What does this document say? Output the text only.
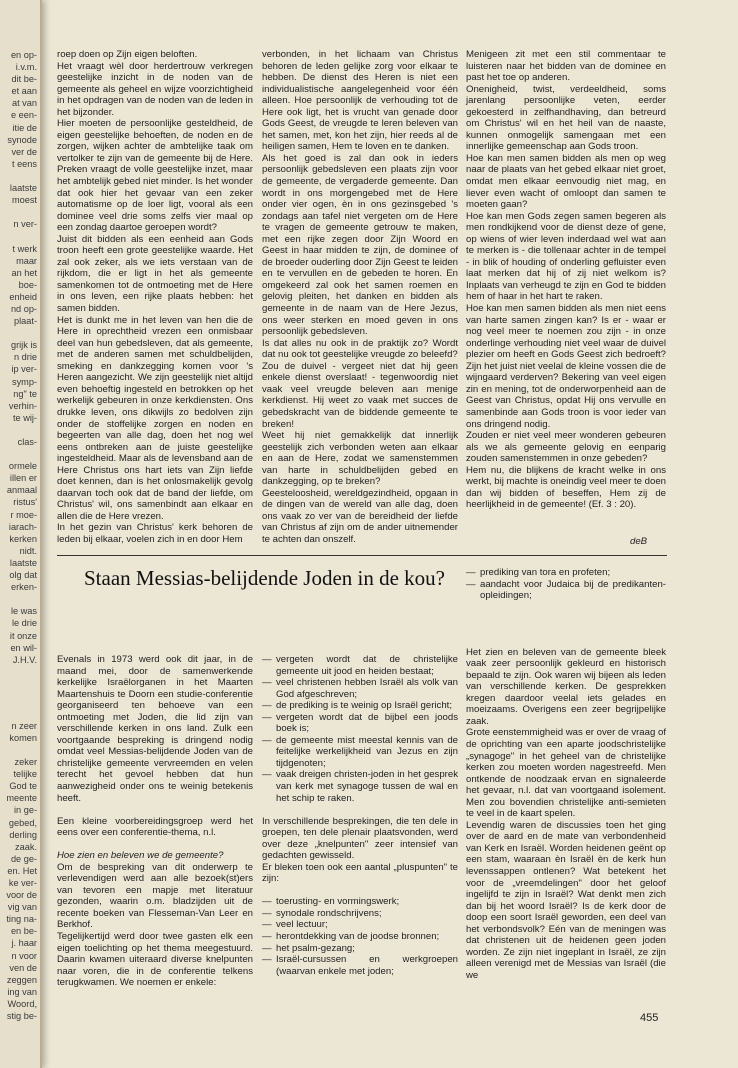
en op-
i.v.m.
dit be-
et aan
at van
e een-
itie de
synode
ver de
t eens

laatste
moest

n ver-

t werk
maar
an het
boe-
enheid
nd op-
plaat-

grijk is
n drie
ip ver-
symp-
ng" te
verhin-
te wij-

clas-

ormele
illen er
anmaal
ristus'
r moe-
iarach-
kerken
nidt.
laatste
olg dat
erken-

le was
le drie
it onze
en wil-
J.H.V.

n zeer
komen

zeker
telijke
God te
meente
in ge-
gebed,
derling
zaak.
de ge-
en. Het
ke ver-
voor de
vig van
ting na-
en be-
j. haar
n voor
ven de
zeggen
ing van
Woord,
stig be-

roep doen op Zijn eigen beloften.

Het vraagt wèl door herdertrouw verkregen geestelijke inzicht in de noden van de gemeente als geheel en wijze voorzichtigheid in het opdragen van de noden van de leden in het bijzonder.

Hier moeten de persoonlijke gesteldheid, de eigen geestelijke behoeften, de noden en de zorgen, wijken achter de ambtelijke taak om vertolker te zijn van de gemeente bij de Here. Preken vraagt de volle geestelijke inzet, maar het ambtelijk gebed niet minder. Is het wonder dat ook hier het gevaar van een zeker automatisme op de loer ligt, vooral als een dominee veel drie soms zelfs vier maal op een zondag daartoe geroepen wordt?

Juist dit bidden als een eenheid aan Gods troon heeft een grote geestelijke waarde. Het zal ook zeker, als we iets verstaan van de rijkdom, die er ligt in het als gemeente samenkomen tot de ontmoeting met de Here in ons leven, een rijke plaats hebben: het samen bidden.

Het is dunkt me in het leven van hen die de Here in oprechtheid vrezen een onmisbaar deel van hun gebedsleven, dat als gemeente, met de anderen samen met schuldbelijden, smeking en dankzegging komen voor 's Heren aangezicht. We zijn geestelijk niet altijd even behoeftig ingesteld en betrokken op het werkelijk gebeuren in onze kerkdiensten. Ons drukke leven, ons dikwijls zo bedolven zijn onder de stoffelijke zorgen en noden en begeerten van alle dag, doen het nog wel eens ontbreken aan de juiste geestelijke ingesteldheid. Maar als de levensband aan de Here Christus ons hart iets van Zijn liefde doet kennen, dan is het onlosmakelijk gevolg daarvan toch ook dat de band der liefde, om Christus' wil, ons samenbindt aan elkaar en allen die de Here vrezen.

In het gezin van Christus' kerk behoren de leden bij elkaar, voelen zich in en door Hem

verbonden, in het lichaam van Christus behoren de leden gelijke zorg voor elkaar te hebben. De dienst des Heren is niet een individualistische aangelegenheid voor één alleen. Hoe persoonlijk de verhouding tot de Here ook ligt, het is vrucht van genade door Gods Geest, de vreugde te leren beleven van het samen, met, kon het zijn, hier reeds al de heiligen samen, Hem te loven en te danken.

Als het goed is zal dan ook in ieders persoonlijk gebedsleven een plaats zijn voor de gemeente, de vergaderde gemeente. Dan wordt in ons morgengebed met de Here onder vier ogen, èn in ons gezinsgebed 's zondags aan tafel niet vergeten om de Here te vragen de gemeente getrouw te maken, met een rijke zegen door Zijn Woord en Geest in haar midden te zijn, de dominee of de broeder ouderling door Zijn Geest te leiden en te vervullen en de gebeden te horen. En omgekeerd zal ook het samen roemen en gelovig pleiten, het danken en bidden als gemeente in de naam van de Here Jezus, ons weer sterken en moed geven in ons persoonlijk gebedsleven.

Is dat alles nu ook in de praktijk zo? Wordt dat nu ook tot geestelijke vreugde zo beleefd?

Zou de duivel - vergeet niet dat hij geen enkele dienst overslaat! - tegenwoordig niet vaak veel vreugde beleven aan menige kerkdienst. Hij weet zo vaak met succes de gebedskracht van de biddende gemeente te breken!

Weet hij niet gemakkelijk dat innerlijk geestelijk zich verbonden weten aan elkaar en aan de Here, zodat we samenstemmen van harte in schuldbelijden gebed en dankzegging, op te breken?

Geesteloosheid, wereldgezindheid, opgaan in de dingen van de wereld van alle dag, doen ons vaak zo ver van de bereidheid der liefde van Christus af zijn om de ander uitnemender te achten dan onszelf.

Menigeen zit met een stil commentaar te luisteren naar het bidden van de dominee en past het toe op anderen.

Onenigheid, twist, verdeeldheid, soms jarenlang persoonlijke veten, eerder gekoesterd in zelfhandhaving, dan betreurd om Christus' wil en het heil van de naaste, kunnen onmogelijk samengaan met een innerlijke gemeenschap aan Gods troon.

Hoe kan men samen bidden als men op weg naar de plaats van het gebed elkaar niet groet, omdat men elkaar eenvoudig niet mag, en liever even wacht of omloopt dan samen te moeten gaan?

Hoe kan men Gods zegen samen begeren als men rondkijkend voor de dienst deze of gene, op wiens of wier leven inderdaad wel wat aan te merken is - die tollenaar achter in de tempel - in blik of houding of onderling gefluister even laat merken dat hij of zij niet welkom is? Inplaats van verheugd te zijn en God te bidden hem of haar in het hart te raken.

Hoe kan men samen bidden als men niet eens van harte samen zingen kan? Is er - waar er nog veel meer te noemen zou zijn - in onze onderlinge verhouding niet veel waar de duivel plezier om heeft en Gods Geest zich bedroeft? Zijn het juist niet veelal de kleine vossen die de wijngaard verderven? Bekering van veel eigen zin en mening, tot de onderworpenheid aan de Geest van Christus, opdat Hij ons vervulle en samenbinde aan Gods troon is voor ieder van ons dringend nodig.

Zouden er niet veel meer wonderen gebeuren als we als gemeente gelovig en eenparig zouden samenstemmen in onze gebeden?

Hem nu, die blijkens de kracht welke in ons werkt, bij machte is oneindig veel meer te doen dan wij bidden of beseffen, Hem zij de heerlijkheid in de gemeente! (Ef. 3 : 20).

deB
Staan Messias-belijdende Joden in de kou?

Evenals in 1973 werd ook dit jaar, in de maand mei, door de samenwerkende kerkelijke Israëlorganen in het Maarten Maartenshuis te Doorn een studie-conferentie georganiseerd ten behoeve van een ontmoeting met Joden, die lid zijn van verschillende kerken in ons land. Zulk een voortgaande bespreking is dringend nodig omdat veel Messias-belijdende Joden van de christelijke gemeente vervreemden en velen terecht het gevoel hebben dat hun aanwezigheid onder ons te weinig betekenis heeft.

Een kleine voorbereidingsgroep werd het eens over een conferentie-thema, n.l.

Hoe zien en beleven we de gemeente?

Om de bespreking van dit onderwerp te verlevendigen werd aan alle bezoek(st)ers van tevoren een mapje met literatuur gezonden, waarin o.m. bladzijden uit de recente boeken van Flesseman-Van Leer en Berkhof.

Tegelijkertijd werd door twee gasten elk een eigen toelichting op het thema meegestuurd. Daarin kwamen uiteraard diverse knelpunten naar voren, die in de conferentie telkens terugkwamen. We noemen er enkele:

— vergeten wordt dat de christelijke gemeente uit jood en heiden bestaat;
— veel christenen hebben Israël als volk van God afgeschreven;
— de prediking is te weinig op Israël gericht;
— vergeten wordt dat de bijbel een joods boek is;
— de gemeente mist meestal kennis van de feitelijke werkelijkheid van Jezus en zijn tijdgenoten;
— vaak dreigen christen-joden in het gesprek van kerk met synagoge tussen de wal en het schip te raken.

In verschillende besprekingen, die ten dele in groepen, ten dele plenair plaatsvonden, werd over deze „knelpunten" zeer intensief van gedachten gewisseld.

Er bleken toen ook een aantal „pluspunten" te zijn:

— toerusting- en vormingswerk;
— synodale rondschrijvens;
— veel lectuur;
— herontdekking van de joodse bronnen;
— het psalm-gezang;
— Israël-cursussen en werkgroepen (waarvan enkele met joden;
— prediking van tora en profeten;
— aandacht voor Judaica bij de predikanten-opleidingen;

Het zien en beleven van de gemeente bleek vaak zeer persoonlijk gekleurd en historisch bepaald te zijn. Ook waren wij bijeen als leden van verschillende kerken. De gesprekken kregen daardoor veelal iets gelades en moeizaams. Overigens een zeer begrijpelijke zaak.

Grote eenstemmigheid was er over de vraag of de oprichting van een aparte joodschristelijke „synagoge" in het geheel van de christelijke kerken zou moeten worden nagestreefd. Men ontkende de noodzaak ervan en signaleerde het gevaar, n.l. dat van voortgaand isolement. Men zou bovendien christelijke anti-semieten te veel in de kaart spelen.

Levendig waren de discussies toen het ging over de aard en de mate van verbondenheid van Kerk en Israël. Worden heidenen geënt op een stam, waaraan èn Israël èn de kerk hun levenssappen ontlenen? Wat betekent het voor de „vreemdelingen" door het geloof ingelijfd te zijn in Israël? Wat denkt men zich dan bij het woord Israël? Is de kerk door de doop een soort Israël geworden, een deel van het verbondsvolk? Eén van de meningen was dat christenen uit de heidenen geen joden worden. Ze zijn niet ingeplant in Israël, ze zijn alleen verenigd met de Messias van Israël (die we

455
